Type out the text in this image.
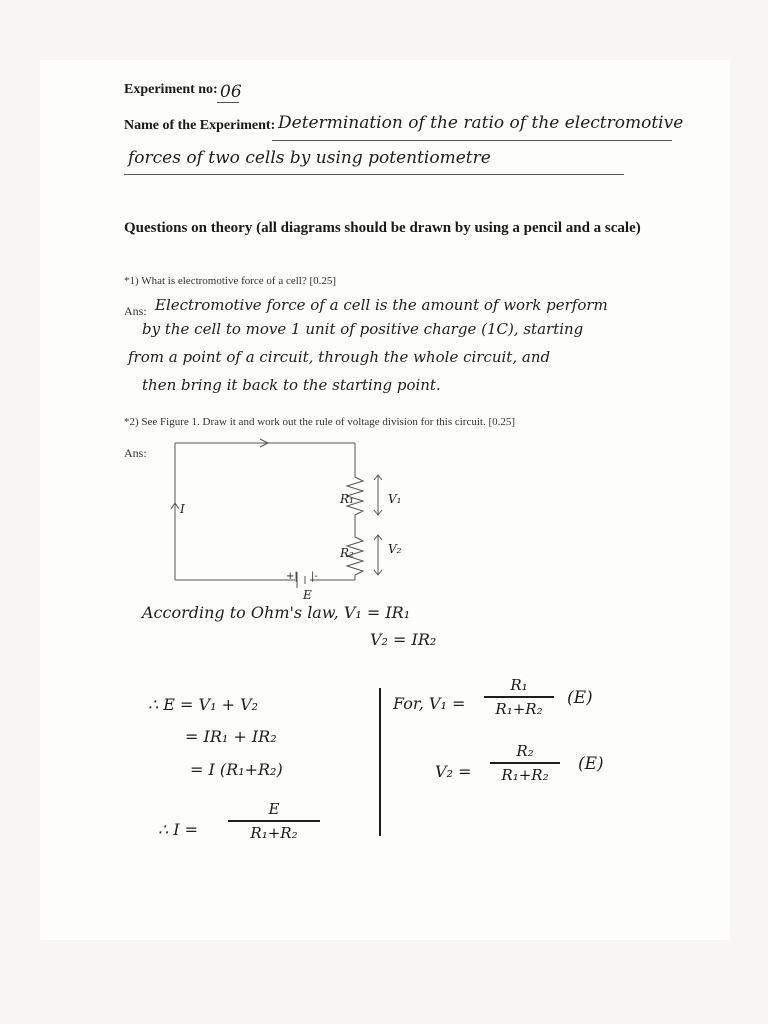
Experiment no: 06
Name of the Experiment: Determination of the ratio of the electromotive
forces of two cells by using potentiometre
Questions on theory (all diagrams should be drawn by using a pencil and a scale)
*1) What is electromotive force of a cell? [0.25]
Ans: Electromotive force of a cell is the amount of work perform
by the cell to move 1 unit of positive charge (1C), starting
from a point of a circuit, through the whole circuit, and
then bring it back to the starting point.
*2) See Figure 1. Draw it and work out the rule of voltage division for this circuit. [0.25]
Ans:
I
R₁
R₂
V₁
V₂
E
+| |-
According to Ohm's law, V₁ = IR₁
V₂ = IR₂
∴ E = V₁ + V₂
= IR₁ + IR₂
= I (R₁+R₂)
∴ I =
E
R₁+R₂
For, V₁ =
R₁
R₁+R₂
(E)
V₂ =
R₂
R₁+R₂
(E)
